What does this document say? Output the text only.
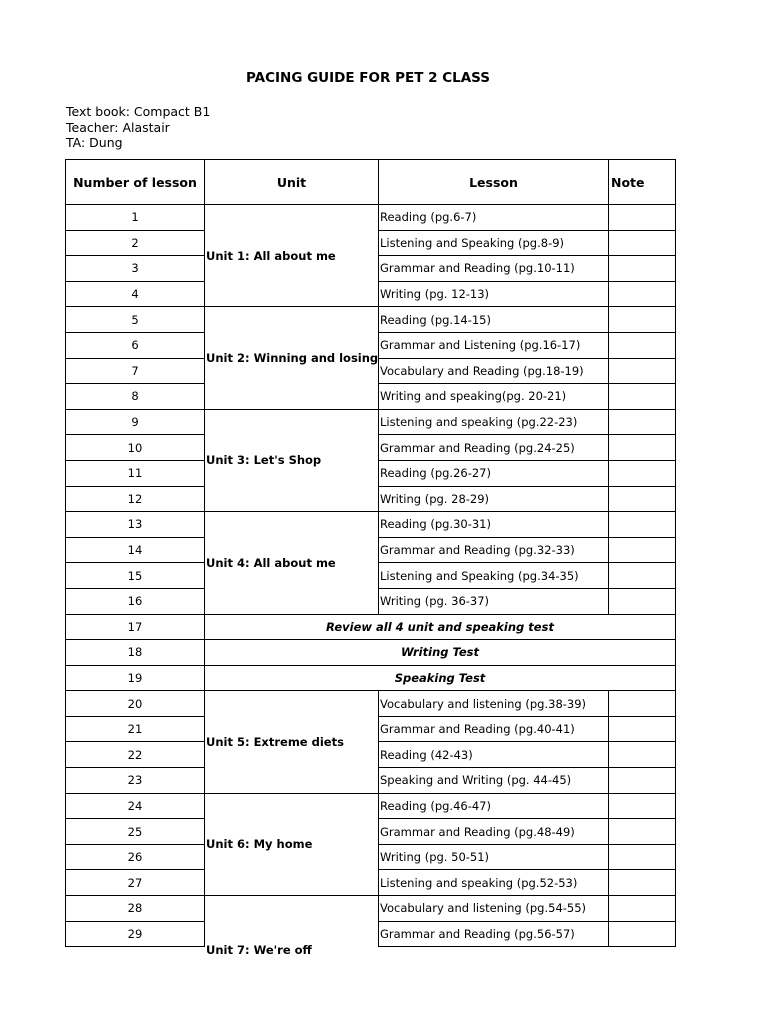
PACING GUIDE FOR PET 2 CLASS
Text book: Compact B1
Teacher: Alastair
TA: Dung
Number of lesson	Unit	Lesson	Note
1	Unit 1: All about me	Reading (pg.6-7)	
2		Listening and Speaking (pg.8-9)	
3		Grammar and Reading (pg.10-11)	
4		Writing (pg. 12-13)	
5	Unit 2: Winning and losing	Reading (pg.14-15)	
6		Grammar and Listening (pg.16-17)	
7		Vocabulary and Reading (pg.18-19)	
8		Writing and speaking(pg. 20-21)	
9	Unit 3: Let's Shop	Listening and speaking (pg.22-23)	
10		Grammar and Reading (pg.24-25)	
11		Reading (pg.26-27)	
12		Writing (pg. 28-29)	
13	Unit 4: All about me	Reading (pg.30-31)	
14		Grammar and Reading (pg.32-33)	
15		Listening and Speaking (pg.34-35)	
16		Writing (pg. 36-37)	
17	Review all 4 unit and speaking test		
18	Writing Test		
19	Speaking Test		
20	Unit 5: Extreme diets	Vocabulary and listening (pg.38-39)	
21		Grammar and Reading (pg.40-41)	
22		Reading (42-43)	
23		Speaking and Writing (pg. 44-45)	
24	Unit 6: My home	Reading (pg.46-47)	
25		Grammar and Reading (pg.48-49)	
26		Writing (pg. 50-51)	
27		Listening and speaking (pg.52-53)	
28	Unit 7: We're off	Vocabulary and listening (pg.54-55)	
29		Grammar and Reading (pg.56-57)	
